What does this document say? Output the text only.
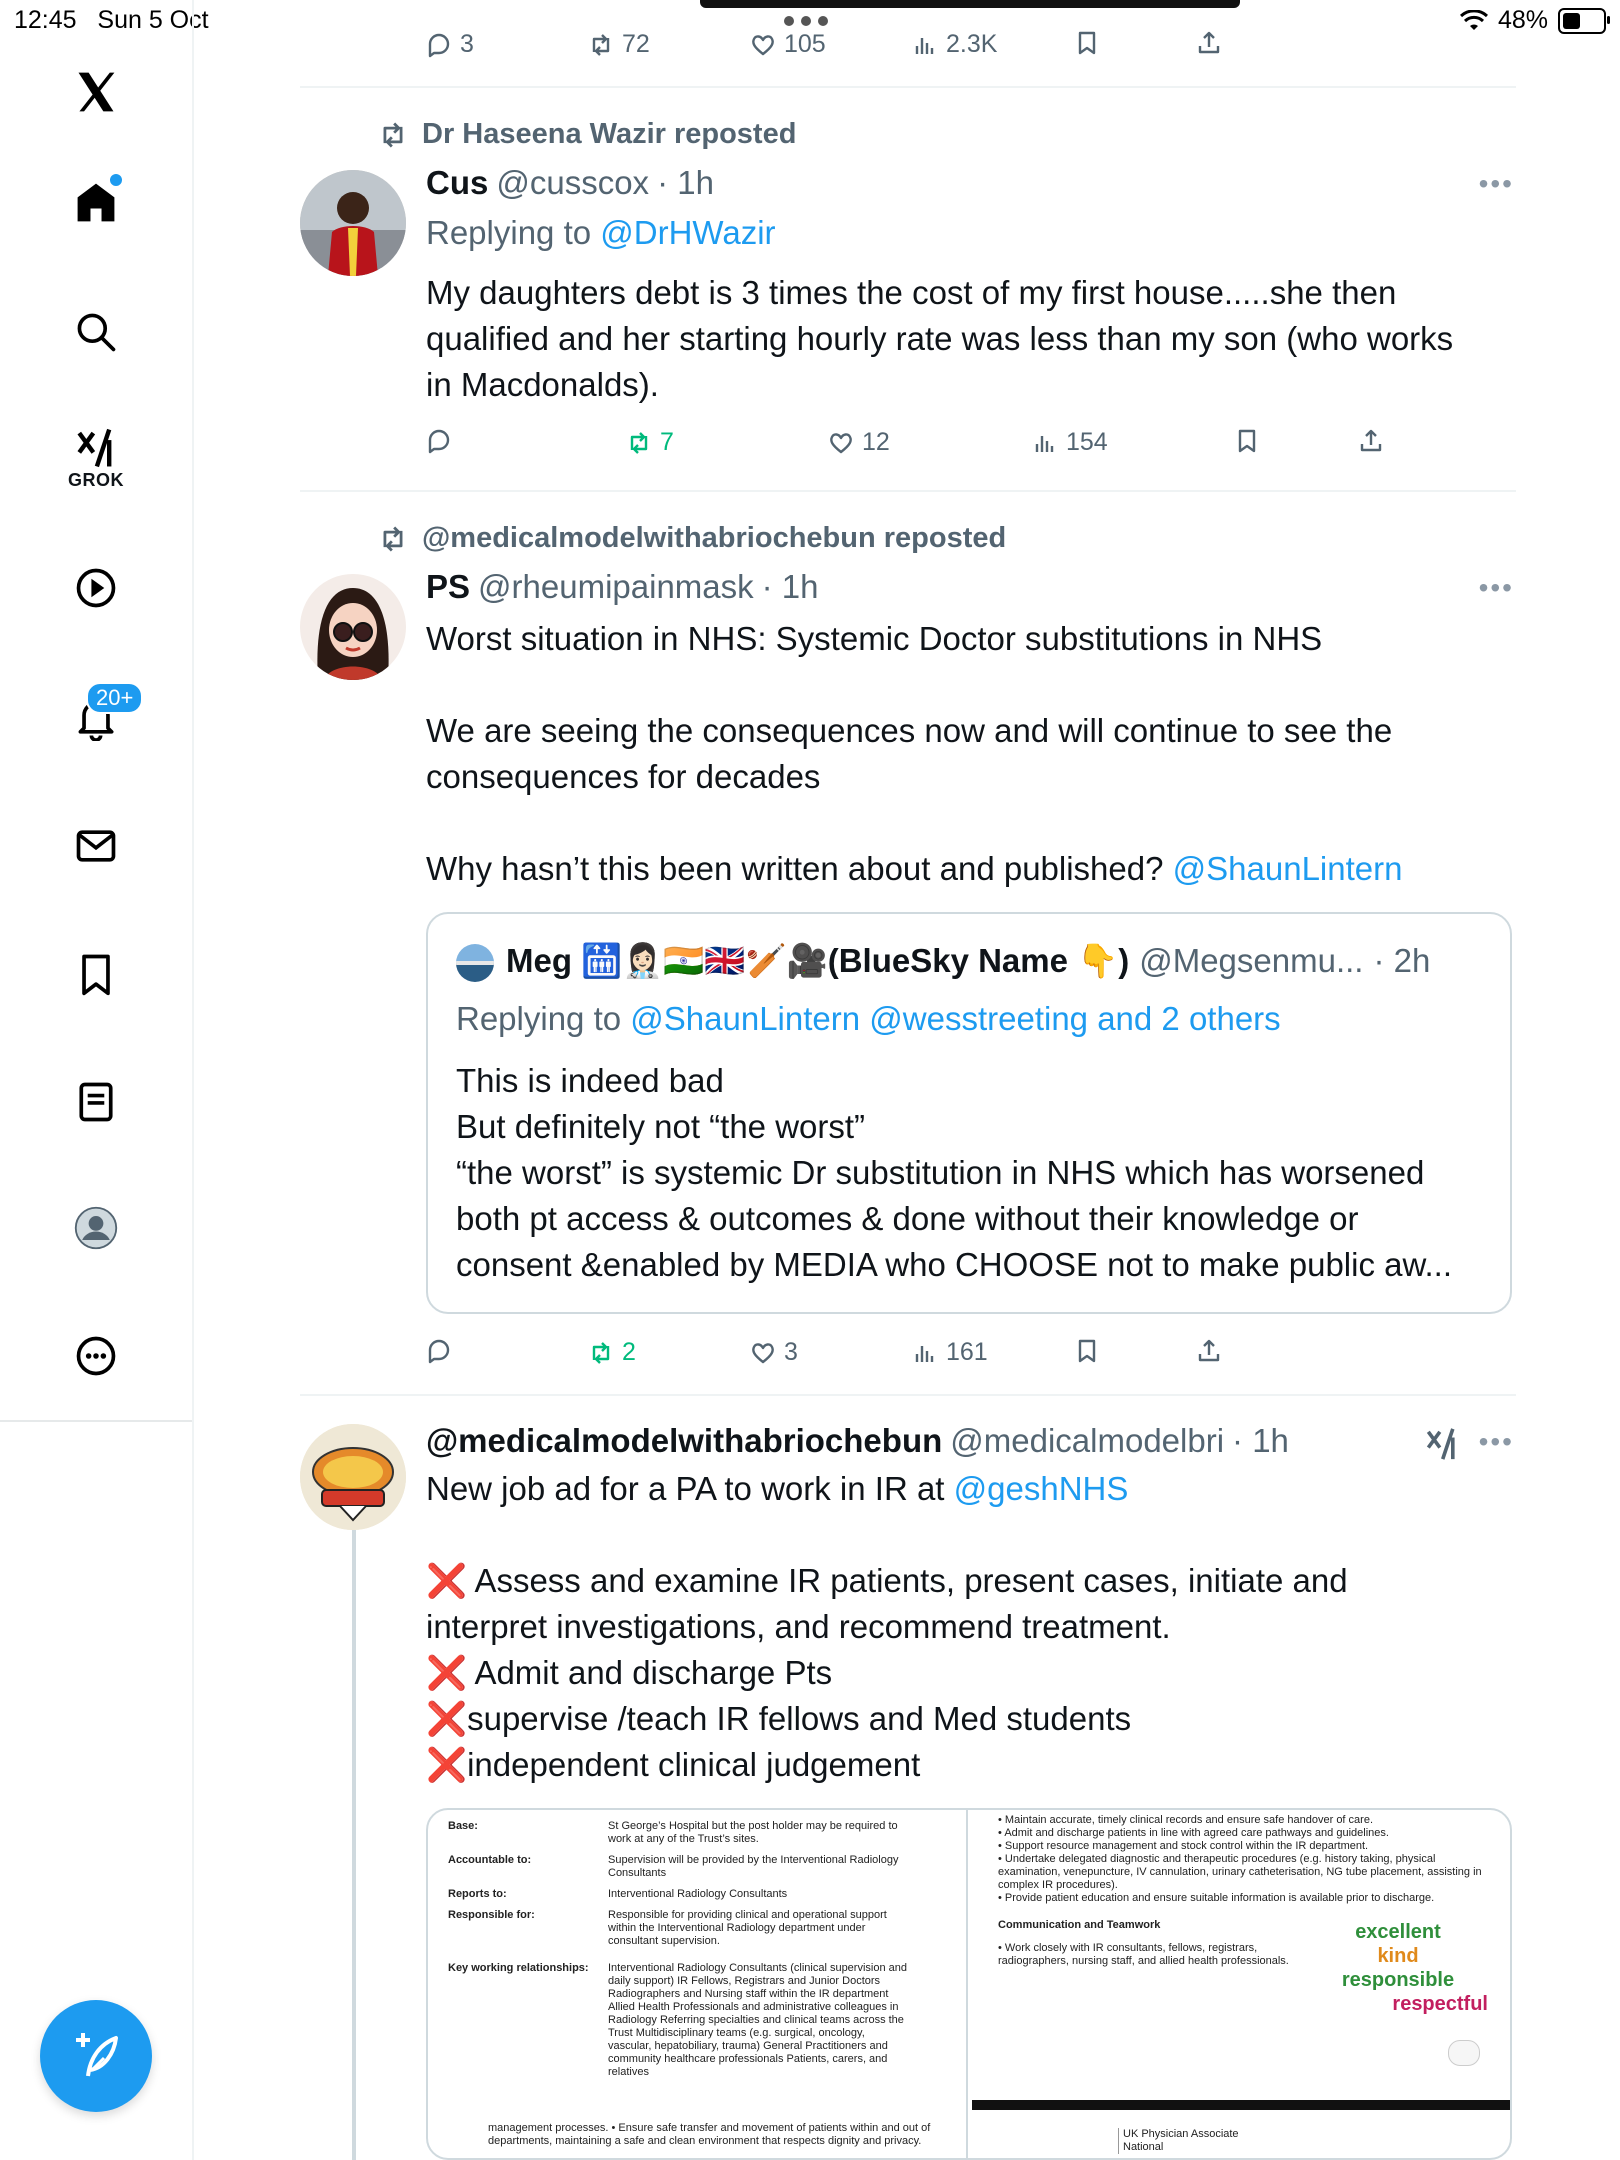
12:45 Sun 5 Oct	48%
GROK
20+
3	72	105	2.3K
Dr Haseena Wazir reposted
Cus @cusscox · 1h	•••
Replying to @DrHWazir

My daughters debt is 3 times the cost of my first house.....she then

qualified and her starting hourly rate was less than my son (who works

in Macdonalds).

7	12	154
@medicalmodelwithabriochebun reposted
PS @rheumipainmask · 1h	•••

Worst situation in NHS: Systemic Doctor substitutions in NHS

We are seeing the consequences now and will continue to see the

consequences for decades

Why hasn’t this been written about and published? @ShaunLintern

Meg 🛗👩🏻‍⚕️🇮🇳🇬🇧🏏🎥(BlueSky Name 👇) @Megsenmu... · 2h
Replying to @ShaunLintern @wesstreeting and 2 others
This is indeed bad
But definitely not “the worst”
“the worst” is systemic Dr substitution in NHS which has worsened
both pt access & outcomes & done without their knowledge or
consent &enabled by MEDIA who CHOOSE not to make public aw...
2	3	161
@medicalmodelwithabriochebun @medicalmodelbri · 1h	•••

New job ad for a PA to work in IR at @geshNHS

❌ Assess and examine IR patients, present cases, initiate and

interpret investigations, and recommend treatment.

❌ Admit and discharge Pts

❌supervise /teach IR fellows and Med students

❌independent clinical judgement

Base:	St George’s Hospital but the post holder may be required to work at any of the Trust’s sites.
Accountable to:	Supervision will be provided by the Interventional Radiology Consultants
Reports to:	Interventional Radiology Consultants
Responsible for:	Responsible for providing clinical and operational support within the Interventional Radiology department under consultant supervision.
Key working relationships:	Interventional Radiology Consultants (clinical supervision and daily support) IR Fellows, Registrars and Junior Doctors Radiographers and Nursing staff within the IR department Allied Health Professionals and administrative colleagues in Radiology Referring specialties and clinical teams across the Trust Multidisciplinary teams (e.g. surgical, oncology, vascular, hepatobiliary, trauma) General Practitioners and community healthcare professionals Patients, carers, and relatives
management processes. • Ensure safe transfer and movement of patients within and out of departments, maintaining a safe and clean environment that respects dignity and privacy.
• Maintain accurate, timely clinical records and ensure safe handover of care.
• Admit and discharge patients in line with agreed care pathways and guidelines.
• Support resource management and stock control within the IR department.
• Undertake delegated diagnostic and therapeutic procedures (e.g. history taking, physical examination, venepuncture, IV cannulation, urinary catheterisation, NG tube placement, assisting in complex IR procedures).
• Provide patient education and ensure suitable information is available prior to discharge.
Communication and Teamwork
• Work closely with IR consultants, fellows, registrars, radiographers, nursing staff, and allied health professionals.
excellent
kind
responsible
respectful
UK Physician Associate National
